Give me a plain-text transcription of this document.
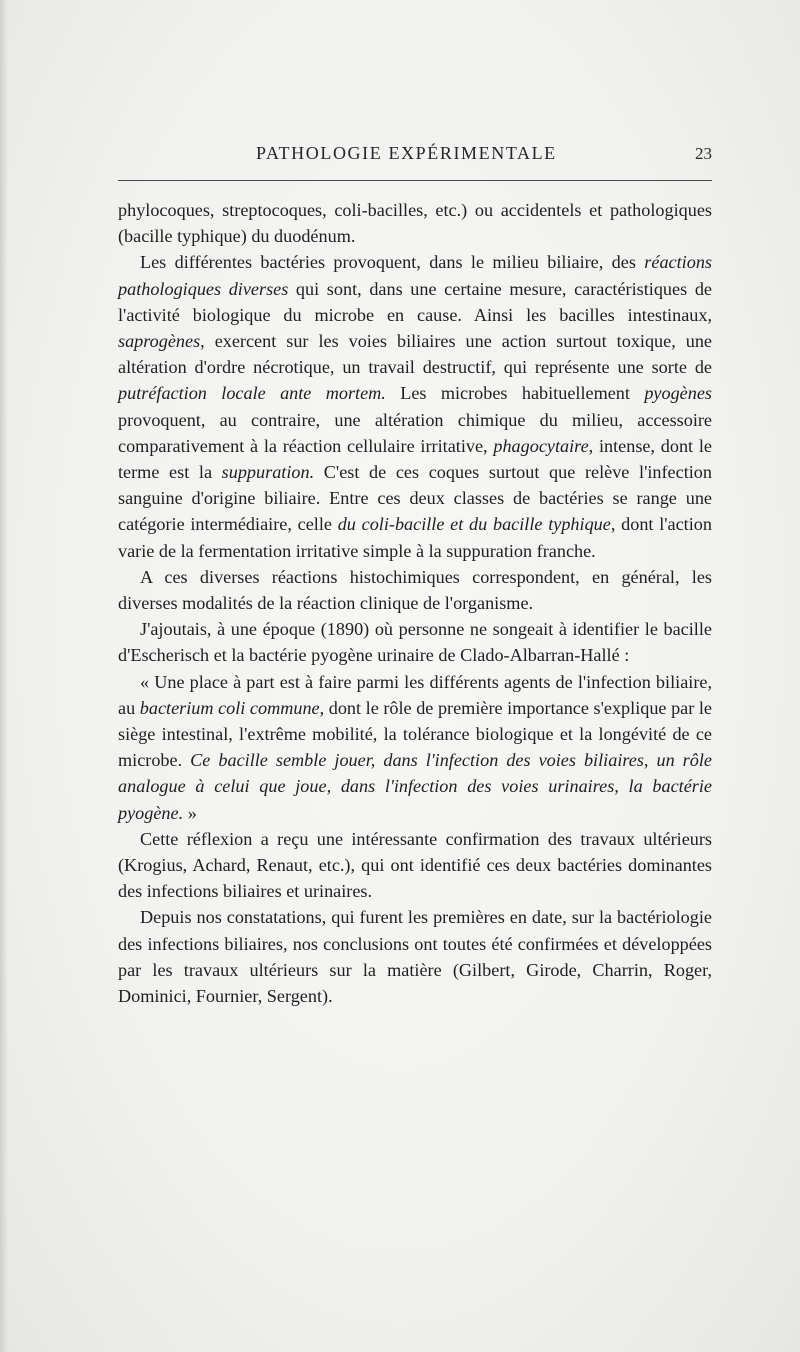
PATHOLOGIE EXPÉRIMENTALE	23

phylocoques, streptocoques, coli-bacilles, etc.) ou accidentels et pathologiques (bacille typhique) du duodénum.

Les différentes bactéries provoquent, dans le milieu biliaire, des réactions pathologiques diverses qui sont, dans une certaine mesure, caractéristiques de l'activité biologique du microbe en cause. Ainsi les bacilles intestinaux, saprogènes, exercent sur les voies biliaires une action surtout toxique, une altération d'ordre nécrotique, un travail destructif, qui représente une sorte de putréfaction locale ante mortem. Les microbes habituellement pyogènes provoquent, au contraire, une altération chimique du milieu, accessoire comparativement à la réaction cellulaire irritative, phagocytaire, intense, dont le terme est la suppuration. C'est de ces coques surtout que relève l'infection sanguine d'origine biliaire. Entre ces deux classes de bactéries se range une catégorie intermédiaire, celle du coli-bacille et du bacille typhique, dont l'action varie de la fermentation irritative simple à la suppuration franche.

A ces diverses réactions histochimiques correspondent, en général, les diverses modalités de la réaction clinique de l'organisme.

J'ajoutais, à une époque (1890) où personne ne songeait à identifier le bacille d'Escherisch et la bactérie pyogène urinaire de Clado-Albarran-Hallé :

« Une place à part est à faire parmi les différents agents de l'infection biliaire, au bacterium coli commune, dont le rôle de première importance s'explique par le siège intestinal, l'extrême mobilité, la tolérance biologique et la longévité de ce microbe. Ce bacille semble jouer, dans l'infection des voies biliaires, un rôle analogue à celui que joue, dans l'infection des voies urinaires, la bactérie pyogène. »

Cette réflexion a reçu une intéressante confirmation des travaux ultérieurs (Krogius, Achard, Renaut, etc.), qui ont identifié ces deux bactéries dominantes des infections biliaires et urinaires.

Depuis nos constatations, qui furent les premières en date, sur la bactériologie des infections biliaires, nos conclusions ont toutes été confirmées et développées par les travaux ultérieurs sur la matière (Gilbert, Girode, Charrin, Roger, Dominici, Fournier, Sergent).
